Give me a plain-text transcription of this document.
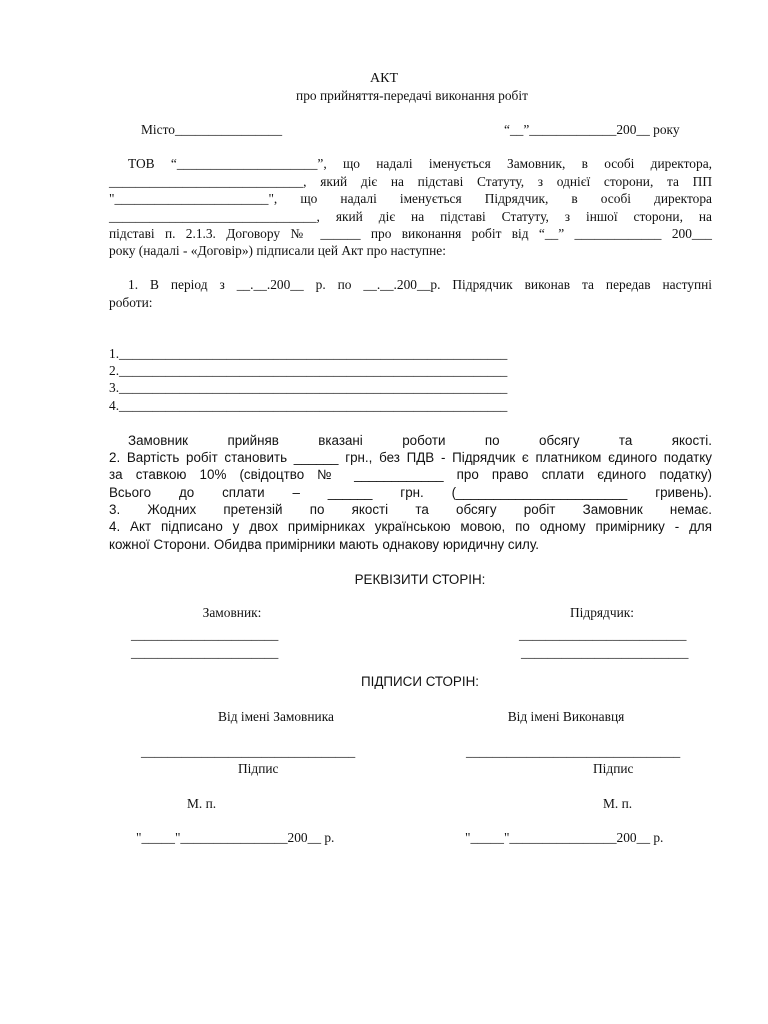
АКТ
про прийняття-передачі виконання робіт
Місто________________	“__”_____________200__ року
ТОВ “_____________________”, що надалі іменується Замовник, в особі директора,
_____________________________, який діє на підставі Статуту, з однієї сторони, та ПП
"_______________________", що надалі іменується Підрядчик, в особі директора
_______________________________, який діє на підставі Статуту, з іншої сторони, на
підставі п. 2.1.3. Договору № ______ про виконання робіт від “__” _____________ 200___
року (надалі - «Договір») підписали цей Акт про наступне:
1. В період з __.__.200__ р. по __.__.200__р. Підрядчик виконав та передав наступні
роботи:
1.__________________________________________________________
2.__________________________________________________________
3.__________________________________________________________
4.__________________________________________________________
Замовник прийняв вказані роботи по обсягу та якості.
2. Вартість робіт становить ______ грн., без ПДВ - Підрядчик є платником єдиного податку
за ставкою 10% (свідоцтво № ____________ про право сплати єдиного податку)
Всього до сплати – ______ грн. (_______________________ гривень).
3. Жодних претензій по якості та обсягу робіт Замовник немає.
4. Акт підписано у двох примірниках українською мовою, по одному примірнику - для
кожної Сторони. Обидва примірники мають однакову юридичну силу.
РЕКВІЗИТИ СТОРІН:
Замовник:	Підрядчик:
______________________
______________________
_________________________
_________________________
ПІДПИСИ СТОРІН:
Від імені Замовника	Від імені Виконавця
________________________________	________________________________
Підпис	Підпис
М. п.	М. п.
"_____"________________200__ р.	"_____"________________200__ р.
